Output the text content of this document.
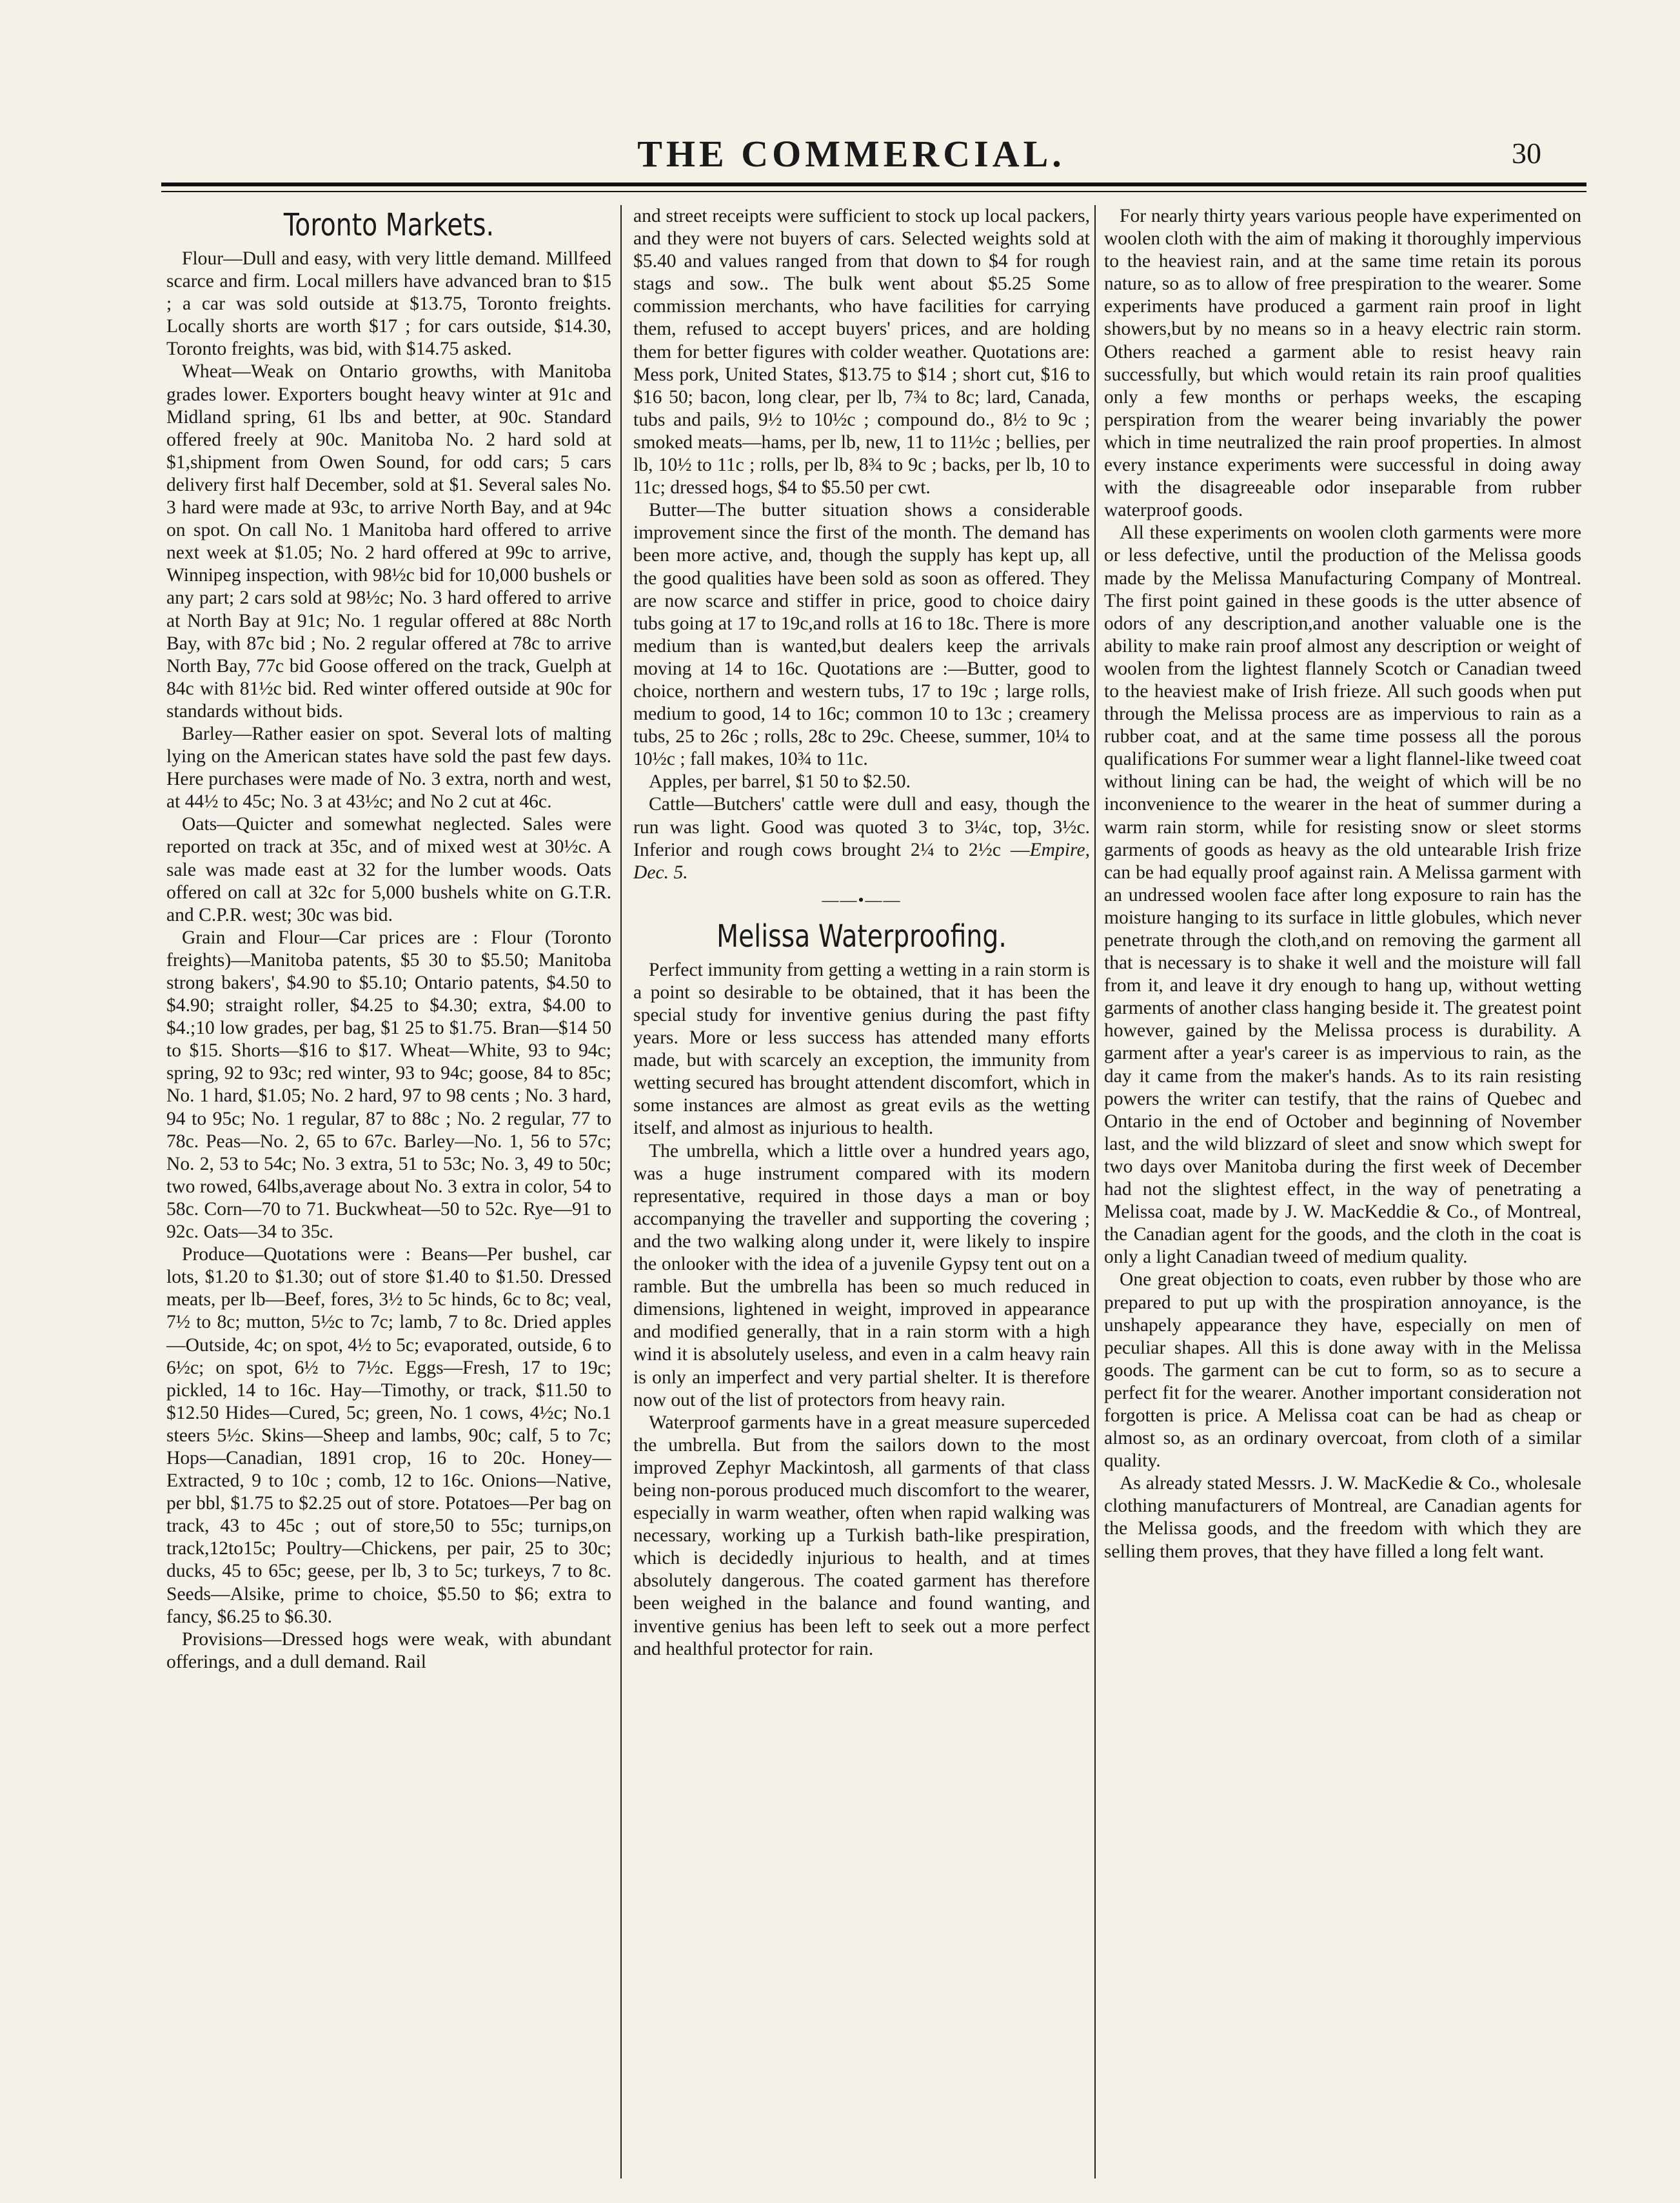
THE COMMERCIAL.	30
Toronto Markets.

Flour—Dull and easy, with very little demand. Millfeed scarce and firm. Local millers have advanced bran to $15 ; a car was sold outside at $13.75, Toronto freights. Locally shorts are worth $17 ; for cars outside, $14.30, Toronto freights, was bid, with $14.75 asked.

Wheat—Weak on Ontario growths, with Manitoba grades lower. Exporters bought heavy winter at 91c and Midland spring, 61 lbs and better, at 90c. Standard offered freely at 90c. Manitoba No. 2 hard sold at $1,shipment from Owen Sound, for odd cars; 5 cars delivery first half December, sold at $1. Several sales No. 3 hard were made at 93c, to arrive North Bay, and at 94c on spot. On call No. 1 Manitoba hard offered to arrive next week at $1.05; No. 2 hard offered at 99c to arrive, Winnipeg inspection, with 98½c bid for 10,000 bushels or any part; 2 cars sold at 98½c; No. 3 hard offered to arrive at North Bay at 91c; No. 1 regular offered at 88c North Bay, with 87c bid ; No. 2 regular offered at 78c to arrive North Bay, 77c bid Goose offered on the track, Guelph at 84c with 81½c bid. Red winter offered outside at 90c for standards without bids.

Barley—Rather easier on spot. Several lots of malting lying on the American states have sold the past few days. Here purchases were made of No. 3 extra, north and west, at 44½ to 45c; No. 3 at 43½c; and No 2 cut at 46c.

Oats—Quicter and somewhat neglected. Sales were reported on track at 35c, and of mixed west at 30½c. A sale was made east at 32 for the lumber woods. Oats offered on call at 32c for 5,000 bushels white on G.T.R. and C.P.R. west; 30c was bid.

Grain and Flour—Car prices are : Flour (Toronto freights)—Manitoba patents, $5 30 to $5.50; Manitoba strong bakers', $4.90 to $5.10; Ontario patents, $4.50 to $4.90; straight roller, $4.25 to $4.30; extra, $4.00 to $4.;10 low grades, per bag, $1 25 to $1.75. Bran—$14 50 to $15. Shorts—$16 to $17. Wheat—White, 93 to 94c; spring, 92 to 93c; red winter, 93 to 94c; goose, 84 to 85c; No. 1 hard, $1.05; No. 2 hard, 97 to 98 cents ; No. 3 hard, 94 to 95c; No. 1 regular, 87 to 88c ; No. 2 regular, 77 to 78c. Peas—No. 2, 65 to 67c. Barley—No. 1, 56 to 57c; No. 2, 53 to 54c; No. 3 extra, 51 to 53c; No. 3, 49 to 50c; two rowed, 64lbs,average about No. 3 extra in color, 54 to 58c. Corn—70 to 71. Buckwheat—50 to 52c. Rye—91 to 92c. Oats—34 to 35c.

Produce—Quotations were : Beans—Per bushel, car lots, $1.20 to $1.30; out of store $1.40 to $1.50. Dressed meats, per lb—Beef, fores, 3½ to 5c hinds, 6c to 8c; veal, 7½ to 8c; mutton, 5½c to 7c; lamb, 7 to 8c. Dried apples—Outside, 4c; on spot, 4½ to 5c; evaporated, outside, 6 to 6½c; on spot, 6½ to 7½c. Eggs—Fresh, 17 to 19c; pickled, 14 to 16c. Hay—Timothy, or track, $11.50 to $12.50 Hides—Cured, 5c; green, No. 1 cows, 4½c; No.1 steers 5½c. Skins—Sheep and lambs, 90c; calf, 5 to 7c; Hops—Canadian, 1891 crop, 16 to 20c. Honey—Extracted, 9 to 10c ; comb, 12 to 16c. Onions—Native, per bbl, $1.75 to $2.25 out of store. Potatoes—Per bag on track, 43 to 45c ; out of store,50 to 55c; turnips,on track,12to15c; Poultry—Chickens, per pair, 25 to 30c; ducks, 45 to 65c; geese, per lb, 3 to 5c; turkeys, 7 to 8c. Seeds—Alsike, prime to choice, $5.50 to $6; extra to fancy, $6.25 to $6.30.

Provisions—Dressed hogs were weak, with abundant offerings, and a dull demand. Rail

and street receipts were sufficient to stock up local packers, and they were not buyers of cars. Selected weights sold at $5.40 and values ranged from that down to $4 for rough stags and sow.. The bulk went about $5.25 Some commission merchants, who have facilities for carrying them, refused to accept buyers' prices, and are holding them for better figures with colder weather. Quotations are: Mess pork, United States, $13.75 to $14 ; short cut, $16 to $16 50; bacon, long clear, per lb, 7¾ to 8c; lard, Canada, tubs and pails, 9½ to 10½c ; compound do., 8½ to 9c ; smoked meats—hams, per lb, new, 11 to 11½c ; bellies, per lb, 10½ to 11c ; rolls, per lb, 8¾ to 9c ; backs, per lb, 10 to 11c; dressed hogs, $4 to $5.50 per cwt.

Butter—The butter situation shows a considerable improvement since the first of the month. The demand has been more active, and, though the supply has kept up, all the good qualities have been sold as soon as offered. They are now scarce and stiffer in price, good to choice dairy tubs going at 17 to 19c,and rolls at 16 to 18c. There is more medium than is wanted,but dealers keep the arrivals moving at 14 to 16c. Quotations are :—Butter, good to choice, northern and western tubs, 17 to 19c ; large rolls, medium to good, 14 to 16c; common 10 to 13c ; creamery tubs, 25 to 26c ; rolls, 28c to 29c. Cheese, summer, 10¼ to 10½c ; fall makes, 10¾ to 11c.

Apples, per barrel, $1 50 to $2.50.

Cattle—Butchers' cattle were dull and easy, though the run was light. Good was quoted 3 to 3¼c, top, 3½c. Inferior and rough cows brought 2¼ to 2½c —Empire, Dec. 5.

——•——
Melissa Waterproofing.

Perfect immunity from getting a wetting in a rain storm is a point so desirable to be obtained, that it has been the special study for inventive genius during the past fifty years. More or less success has attended many efforts made, but with scarcely an exception, the immunity from wetting secured has brought attendent discomfort, which in some instances are almost as great evils as the wetting itself, and almost as injurious to health.

The umbrella, which a little over a hundred years ago, was a huge instrument compared with its modern representative, required in those days a man or boy accompanying the traveller and supporting the covering ; and the two walking along under it, were likely to inspire the onlooker with the idea of a juvenile Gypsy tent out on a ramble. But the umbrella has been so much reduced in dimensions, lightened in weight, improved in appearance and modified generally, that in a rain storm with a high wind it is absolutely useless, and even in a calm heavy rain is only an imperfect and very partial shelter. It is therefore now out of the list of protectors from heavy rain.

Waterproof garments have in a great measure superceded the umbrella. But from the sailors down to the most improved Zephyr Mackintosh, all garments of that class being non-porous produced much discomfort to the wearer, especially in warm weather, often when rapid walking was necessary, working up a Turkish bath-like prespiration, which is decidedly injurious to health, and at times absolutely dangerous. The coated garment has therefore been weighed in the balance and found wanting, and inventive genius has been left to seek out a more perfect and healthful protector for rain.

For nearly thirty years various people have experimented on woolen cloth with the aim of making it thoroughly impervious to the heaviest rain, and at the same time retain its porous nature, so as to allow of free prespiration to the wearer. Some experiments have produced a garment rain proof in light showers,but by no means so in a heavy electric rain storm. Others reached a garment able to resist heavy rain successfully, but which would retain its rain proof qualities only a few months or perhaps weeks, the escaping perspiration from the wearer being invariably the power which in time neutralized the rain proof properties. In almost every instance experiments were successful in doing away with the disagreeable odor inseparable from rubber waterproof goods.

All these experiments on woolen cloth garments were more or less defective, until the production of the Melissa goods made by the Melissa Manufacturing Company of Montreal. The first point gained in these goods is the utter absence of odors of any description,and another valuable one is the ability to make rain proof almost any description or weight of woolen from the lightest flannely Scotch or Canadian tweed to the heaviest make of Irish frieze. All such goods when put through the Melissa process are as impervious to rain as a rubber coat, and at the same time possess all the porous qualifications For summer wear a light flannel-like tweed coat without lining can be had, the weight of which will be no inconvenience to the wearer in the heat of summer during a warm rain storm, while for resisting snow or sleet storms garments of goods as heavy as the old untearable Irish frize can be had equally proof against rain. A Melissa garment with an undressed woolen face after long exposure to rain has the moisture hanging to its surface in little globules, which never penetrate through the cloth,and on removing the garment all that is necessary is to shake it well and the moisture will fall from it, and leave it dry enough to hang up, without wetting garments of another class hanging beside it. The greatest point however, gained by the Melissa process is durability. A garment after a year's career is as impervious to rain, as the day it came from the maker's hands. As to its rain resisting powers the writer can testify, that the rains of Quebec and Ontario in the end of October and beginning of November last, and the wild blizzard of sleet and snow which swept for two days over Manitoba during the first week of December had not the slightest effect, in the way of penetrating a Melissa coat, made by J. W. MacKeddie & Co., of Montreal, the Canadian agent for the goods, and the cloth in the coat is only a light Canadian tweed of medium quality.

One great objection to coats, even rubber by those who are prepared to put up with the prospiration annoyance, is the unshapely appearance they have, especially on men of peculiar shapes. All this is done away with in the Melissa goods. The garment can be cut to form, so as to secure a perfect fit for the wearer. Another important consideration not forgotten is price. A Melissa coat can be had as cheap or almost so, as an ordinary overcoat, from cloth of a similar quality.

As already stated Messrs. J. W. MacKedie & Co., wholesale clothing manufacturers of Montreal, are Canadian agents for the Melissa goods, and the freedom with which they are selling them proves, that they have filled a long felt want.
